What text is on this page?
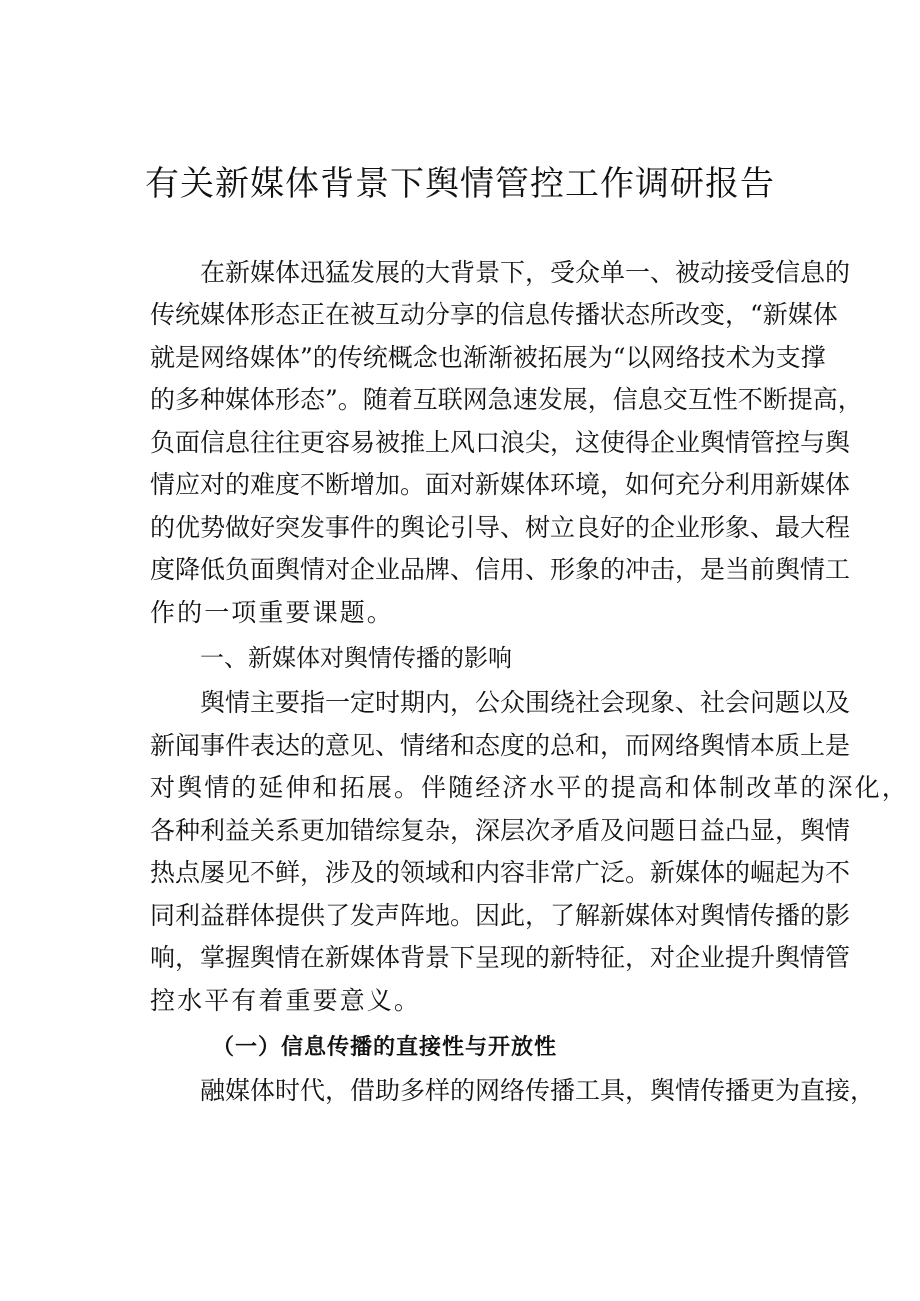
有关新媒体背景下舆情管控工作调研报告

在新媒体迅猛发展的大背景下，受众单一、被动接受信息的

传统媒体形态正在被互动分享的信息传播状态所改变，“新媒体

就是网络媒体”的传统概念也渐渐被拓展为“以网络技术为支撑

的多种媒体形态”。随着互联网急速发展，信息交互性不断提高，

负面信息往往更容易被推上风口浪尖，这使得企业舆情管控与舆

情应对的难度不断增加。面对新媒体环境，如何充分利用新媒体

的优势做好突发事件的舆论引导、树立良好的企业形象、最大程

度降低负面舆情对企业品牌、信用、形象的冲击，是当前舆情工

作的一项重要课题。

一、新媒体对舆情传播的影响

舆情主要指一定时期内，公众围绕社会现象、社会问题以及

新闻事件表达的意见、情绪和态度的总和，而网络舆情本质上是

对舆情的延伸和拓展。伴随经济水平的提高和体制改革的深化，

各种利益关系更加错综复杂，深层次矛盾及问题日益凸显，舆情

热点屡见不鲜，涉及的领域和内容非常广泛。新媒体的崛起为不

同利益群体提供了发声阵地。因此，了解新媒体对舆情传播的影

响，掌握舆情在新媒体背景下呈现的新特征，对企业提升舆情管

控水平有着重要意义。

（一）信息传播的直接性与开放性

融媒体时代，借助多样的网络传播工具，舆情传播更为直接，
